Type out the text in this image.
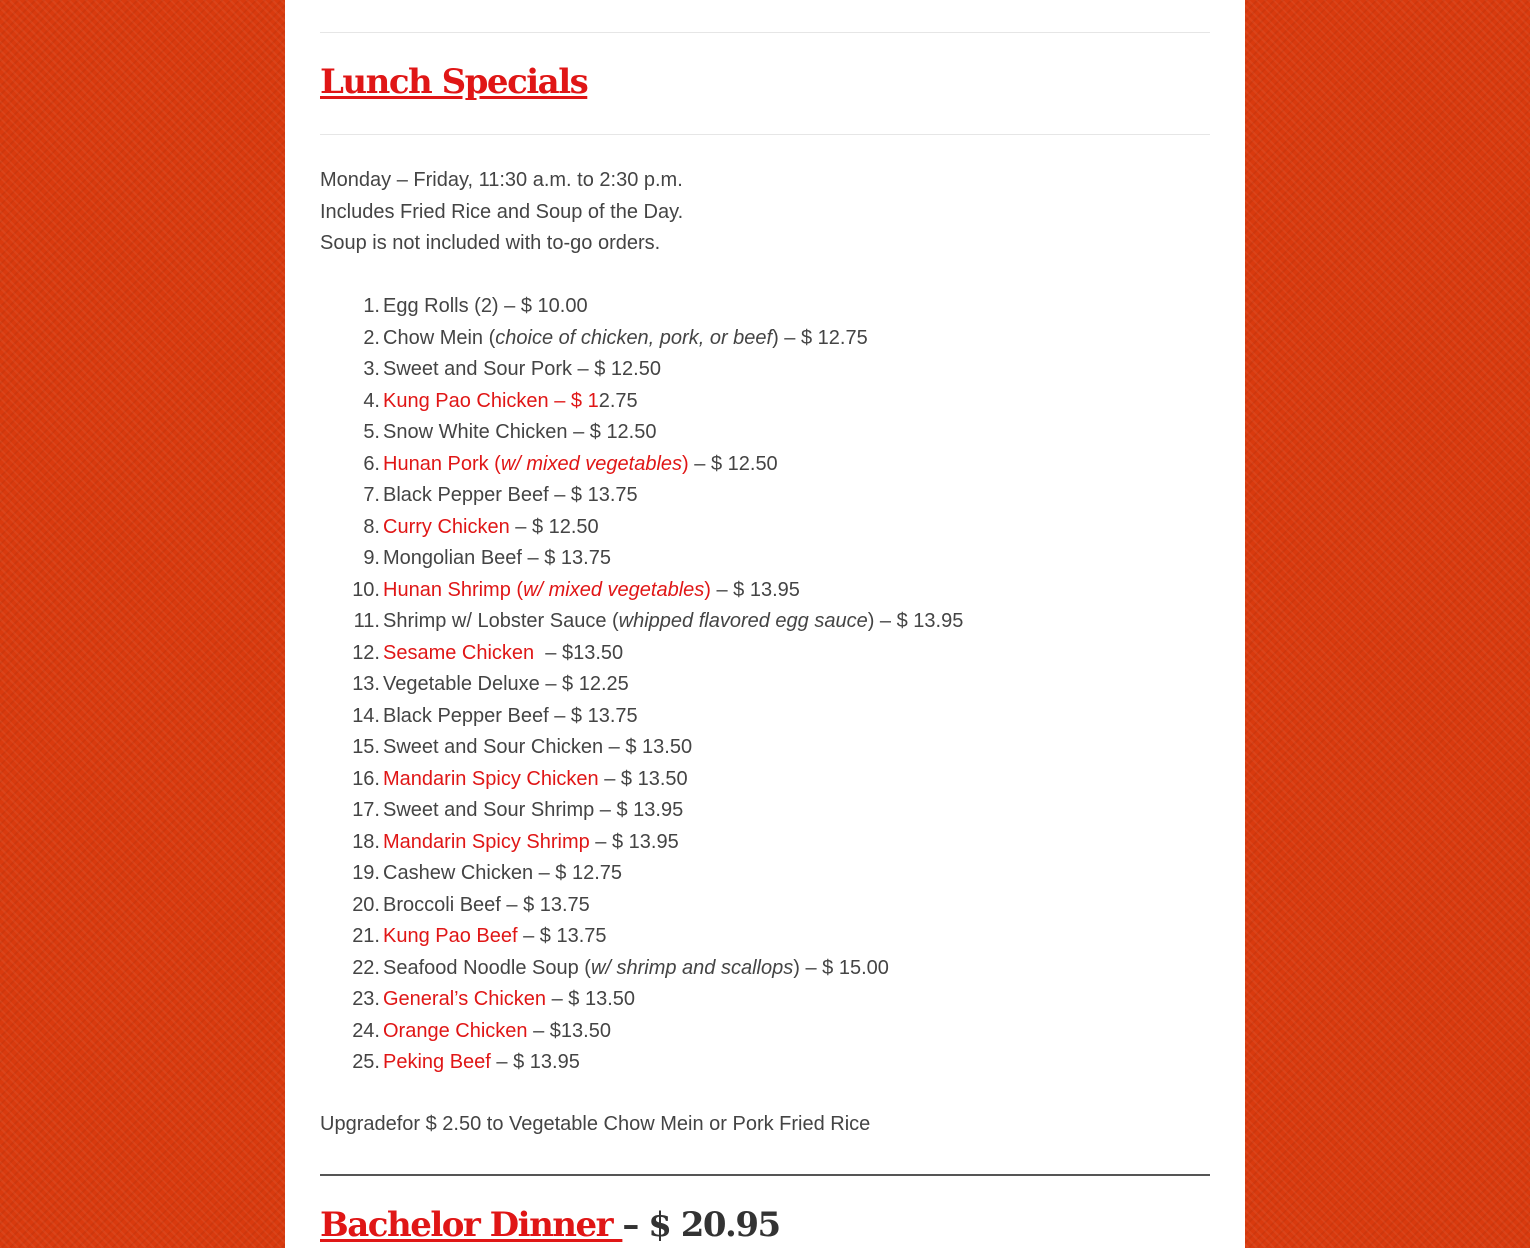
Lunch Specials
Monday – Friday, 11:30 a.m. to 2:30 p.m.
Includes Fried Rice and Soup of the Day.
Soup is not included with to-go orders.
1. Egg Rolls (2) – $ 10.00
2. Chow Mein (choice of chicken, pork, or beef) – $ 12.75
3. Sweet and Sour Pork – $ 12.50
4. Kung Pao Chicken – $ 12.75
5. Snow White Chicken – $ 12.50
6. Hunan Pork (w/ mixed vegetables) – $ 12.50
7. Black Pepper Beef – $ 13.75
8. Curry Chicken – $ 12.50
9. Mongolian Beef – $ 13.75
10. Hunan Shrimp (w/ mixed vegetables) – $ 13.95
11. Shrimp w/ Lobster Sauce (whipped flavored egg sauce) – $ 13.95
12. Sesame Chicken  – $13.50
13. Vegetable Deluxe – $ 12.25
14. Black Pepper Beef – $ 13.75
15. Sweet and Sour Chicken – $ 13.50
16. Mandarin Spicy Chicken – $ 13.50
17. Sweet and Sour Shrimp – $ 13.95
18. Mandarin Spicy Shrimp – $ 13.95
19. Cashew Chicken – $ 12.75
20. Broccoli Beef – $ 13.75
21. Kung Pao Beef – $ 13.75
22. Seafood Noodle Soup (w/ shrimp and scallops) – $ 15.00
23. General’s Chicken – $ 13.50
24. Orange Chicken – $13.50
25. Peking Beef – $ 13.95

Upgradefor $ 2.50 to Vegetable Chow Mein or Pork Fried Rice

Bachelor Dinner – $ 20.95
